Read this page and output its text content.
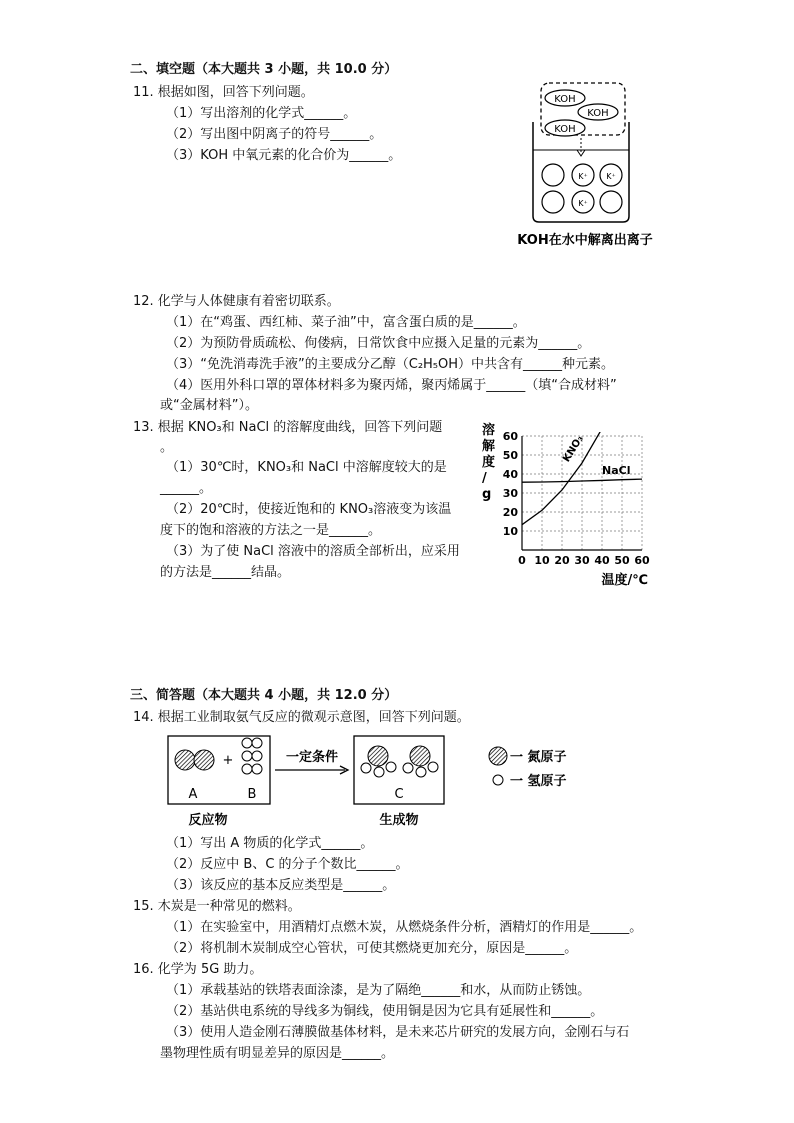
二、填空题（本大题共 3 小题，共 10.0 分）
11. 根据如图，回答下列问题。
（1）写出溶剂的化学式______。
（2）写出图中阴离子的符号______。
（3）KOH 中氧元素的化合价为______。
KOH
KOH
KOH
K⁺ K⁺
K⁺
KOH在水中解离出离子
12. 化学与人体健康有着密切联系。
（1）在“鸡蛋、西红柿、菜子油”中，富含蛋白质的是______。
（2）为预防骨质疏松、佝偻病，日常饮食中应摄入足量的元素为______。
（3）“免洗消毒洗手液”的主要成分乙醇（C₂H₅OH）中共含有______种元素。
（4）医用外科口罩的罩体材料多为聚丙烯，聚丙烯属于______（填“合成材料”
或“金属材料”）。
13. 根据 KNO₃和 NaCl 的溶解度曲线，回答下列问题
。
（1）30℃时，KNO₃和 NaCl 中溶解度较大的是
______。
（2）20℃时，使接近饱和的 KNO₃溶液变为该温
度下的饱和溶液的方法之一是______。
（3）为了使 NaCl 溶液中的溶质全部析出，应采用
的方法是______结晶。
0 10 20 30 40 50 60
10
20
30
40
50
60	KNO₃
NaCl
溶解度/ g
温度/℃
三、简答题（本大题共 4 小题，共 12.0 分）
14. 根据工业制取氨气反应的微观示意图，回答下列问题。
+
A	B
一定条件
C
反应物	生成物
一 氮原子
一 氢原子
（1）写出 A 物质的化学式______。
（2）反应中 B、C 的分子个数比______。
（3）该反应的基本反应类型是______。
15. 木炭是一种常见的燃料。
（1）在实验室中，用酒精灯点燃木炭，从燃烧条件分析，酒精灯的作用是______。
（2）将机制木炭制成空心管状，可使其燃烧更加充分，原因是______。
16. 化学为 5G 助力。
（1）承载基站的铁塔表面涂漆，是为了隔绝______和水，从而防止锈蚀。
（2）基站供电系统的导线多为铜线，使用铜是因为它具有延展性和______。
（3）使用人造金刚石薄膜做基体材料，是未来芯片研究的发展方向，金刚石与石
墨物理性质有明显差异的原因是______。
